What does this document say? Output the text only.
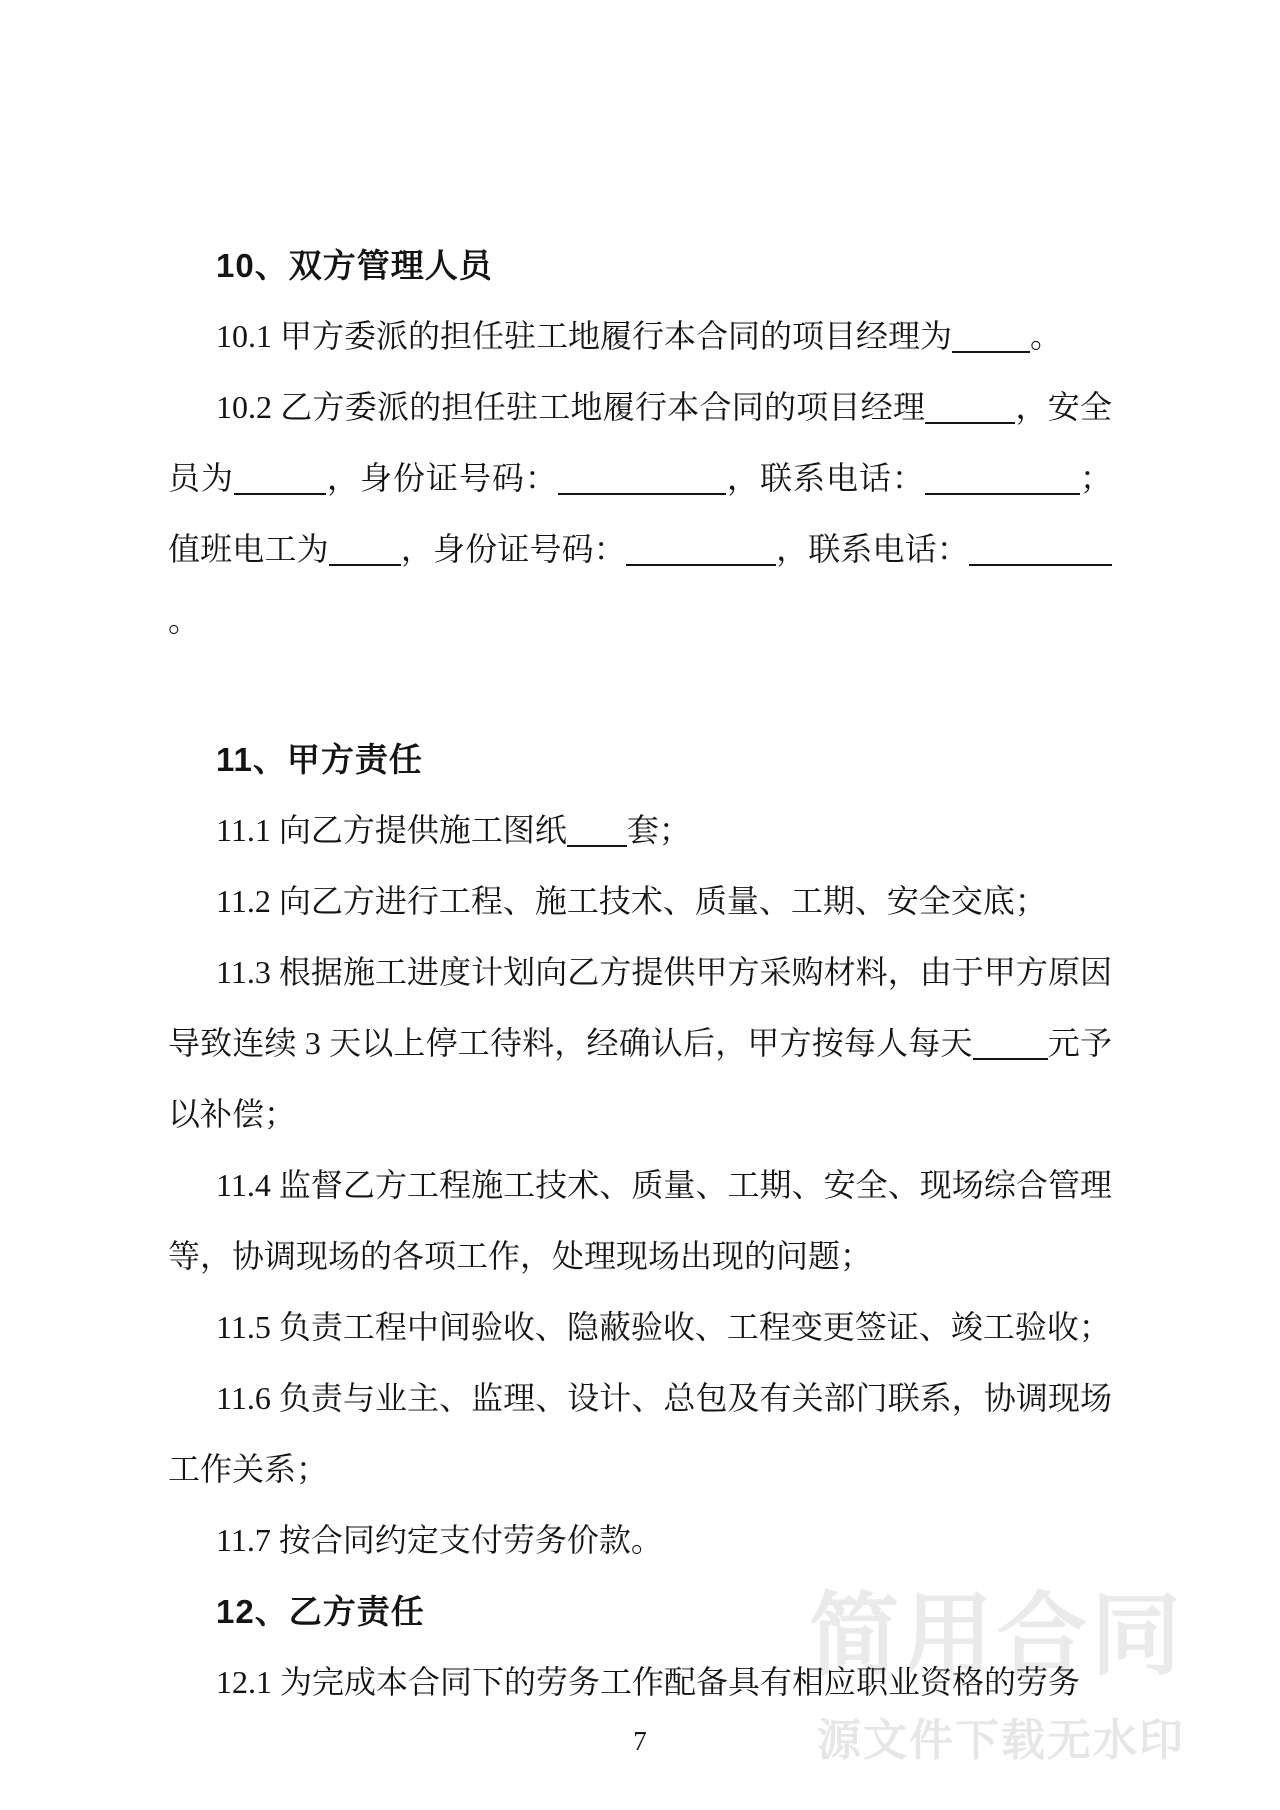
简用合同
源文件下载无水印
10、双方管理人员

10.1 甲方委派的担任驻工地履行本合同的项目经理为 。

10.2 乙方委派的担任驻工地履行本合同的项目经理	，安全员为	，身份证号码：	，联系电话：	；值班电工为 ，身份证号码：	，联系电话：。

11、甲方责任

11.1 向乙方提供施工图纸 套；

11.2 向乙方进行工程、施工技术、质量、工期、安全交底；

11.3 根据施工进度计划向乙方提供甲方采购材料，由于甲方原因导致连续 3 天以上停工待料，经确认后，甲方按每人每天 元予以补偿；

11.4 监督乙方工程施工技术、质量、工期、安全、现场综合管理等，协调现场的各项工作，处理现场出现的问题；

11.5 负责工程中间验收、隐蔽验收、工程变更签证、竣工验收；

11.6 负责与业主、监理、设计、总包及有关部门联系，协调现场工作关系；

11.7 按合同约定支付劳务价款。

12、乙方责任

12.1 为完成本合同下的劳务工作配备具有相应职业资格的劳务

7
